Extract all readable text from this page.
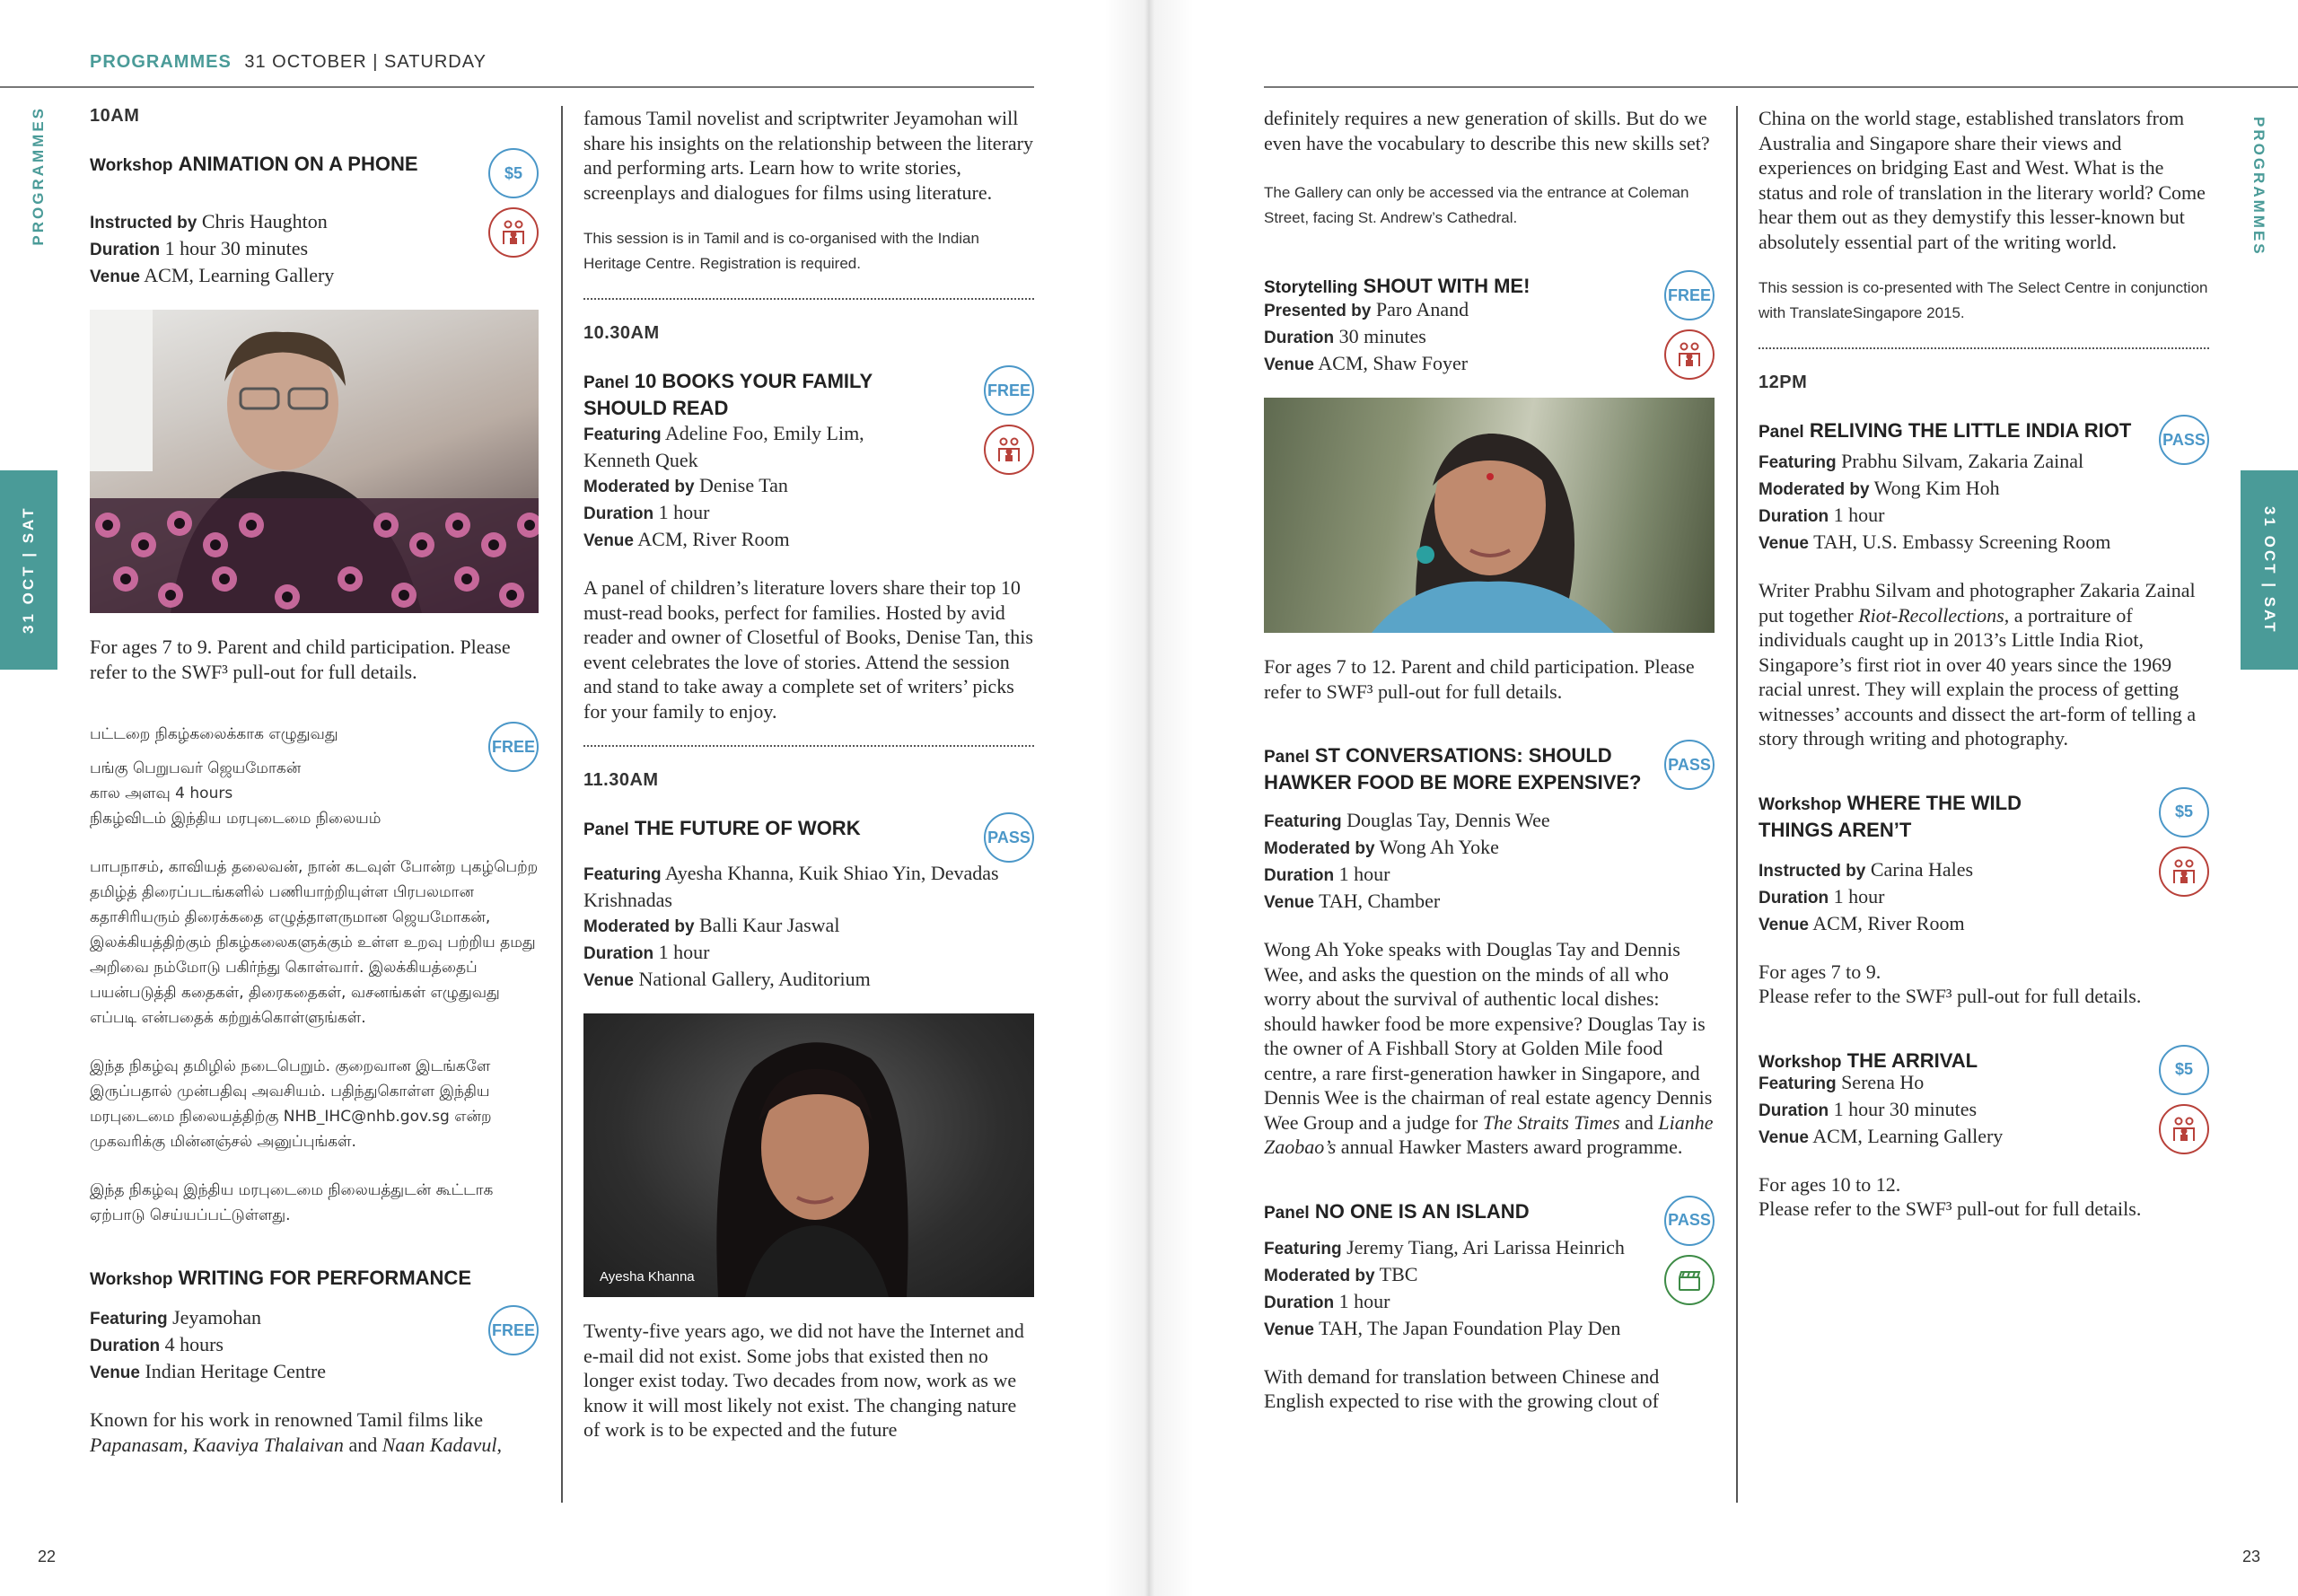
PROGRAMMES 31 OCTOBER | SATURDAY
PROGRAMMES
31 OCT | SAT
10AM
Workshop ANIMATION ON A PHONE	$5
Instructed by Chris Haughton
Duration 1 hour 30 minutes
Venue ACM, Learning Gallery
For ages 7 to 9. Parent and child participation. Please refer to the SWF³ pull-out for full details.
பட்டறை நிகழ்கலைக்காக எழுதுவது
FREE
பங்கு பெறுபவர் ஜெயமோகன்
கால அளவு 4 hours
நிகழ்விடம் இந்திய மரபுடைமை நிலையம்
பாபநாசம், காவியத் தலைவன், நான் கடவுள் போன்ற புகழ்பெற்ற தமிழ்த் திரைப்படங்களில் பணியாற்றியுள்ள பிரபலமான கதாசிரியரும் திரைக்கதை எழுத்தாளருமான ஜெயமோகன், இலக்கியத்திற்கும் நிகழ்கலைகளுக்கும் உள்ள உறவு பற்றிய தமது அறிவை நம்மோடு பகிர்ந்து கொள்வார். இலக்கியத்தைப் பயன்படுத்தி கதைகள், திரைகதைகள், வசனங்கள் எழுதுவது எப்படி என்பதைக் கற்றுக்கொள்ளுங்கள்.
இந்த நிகழ்வு தமிழில் நடைபெறும். குறைவான இடங்களே இருப்பதால் முன்பதிவு அவசியம். பதிந்துகொள்ள இந்திய மரபுடைமை நிலையத்திற்கு NHB_IHC@nhb.gov.sg என்ற முகவரிக்கு மின்னஞ்சல் அனுப்புங்கள்.
இந்த நிகழ்வு இந்திய மரபுடைமை நிலையத்துடன் கூட்டாக ஏற்பாடு செய்யப்பட்டுள்ளது.
Workshop WRITING FOR PERFORMANCE
Featuring Jeyamohan
Duration 4 hours
Venue Indian Heritage Centre
FREE
Known for his work in renowned Tamil films like Papanasam, Kaaviya Thalaivan and Naan Kadavul,
famous Tamil novelist and scriptwriter Jeyamohan will share his insights on the relationship between the literary and performing arts. Learn how to write stories, screenplays and dialogues for films using literature.
This session is in Tamil and is co-organised with the Indian Heritage Centre. Registration is required.
10.30AM
Panel 10 BOOKS YOUR FAMILY SHOULD READ
FREE
Featuring Adeline Foo, Emily Lim, Kenneth Quek
Moderated by Denise Tan
Duration 1 hour
Venue ACM, River Room
A panel of children’s literature lovers share their top 10 must-read books, perfect for families. Hosted by avid reader and owner of Closetful of Books, Denise Tan, this event celebrates the love of stories. Attend the session and stand to take away a complete set of writers’ picks for your family to enjoy.
11.30AM
Panel THE FUTURE OF WORK	PASS
Featuring Ayesha Khanna, Kuik Shiao Yin, Devadas Krishnadas
Moderated by Balli Kaur Jaswal
Duration 1 hour
Venue National Gallery, Auditorium
Ayesha Khanna
Twenty-five years ago, we did not have the Internet and e-mail did not exist. Some jobs that existed then no longer exist today. Two decades from now, work as we know it will most likely not exist. The changing nature of work is to be expected and the future
22
PROGRAMMES
31 OCT | SAT
definitely requires a new generation of skills. But do we even have the vocabulary to describe this new skills set?
The Gallery can only be accessed via the entrance at Coleman Street, facing St. Andrew’s Cathedral.
Storytelling SHOUT WITH ME!	FREE
Presented by Paro Anand
Duration 30 minutes
Venue ACM, Shaw Foyer
For ages 7 to 12. Parent and child participation. Please refer to SWF³ pull-out for full details.
Panel ST CONVERSATIONS: SHOULD HAWKER FOOD BE MORE EXPENSIVE?
PASS
Featuring Douglas Tay, Dennis Wee
Moderated by Wong Ah Yoke
Duration 1 hour
Venue TAH, Chamber
Wong Ah Yoke speaks with Douglas Tay and Dennis Wee, and asks the question on the minds of all who worry about the survival of authentic local dishes: should hawker food be more expensive? Douglas Tay is the owner of A Fishball Story at Golden Mile food centre, a rare first-generation hawker in Singapore, and Dennis Wee is the chairman of real estate agency Dennis Wee Group and a judge for The Straits Times and Lianhe Zaobao’s annual Hawker Masters award programme.
Panel NO ONE IS AN ISLAND	PASS
Featuring Jeremy Tiang, Ari Larissa Heinrich
Moderated by TBC
Duration 1 hour
Venue TAH, The Japan Foundation Play Den
With demand for translation between Chinese and English expected to rise with the growing clout of
China on the world stage, established translators from Australia and Singapore share their views and experiences on bridging East and West. What is the status and role of translation in the literary world? Come hear them out as they demystify this lesser-known but absolutely essential part of the writing world.
This session is co-presented with The Select Centre in conjunction with TranslateSingapore 2015.
12PM
Panel RELIVING THE LITTLE INDIA RIOT PASS
Featuring Prabhu Silvam, Zakaria Zainal
Moderated by Wong Kim Hoh
Duration 1 hour
Venue TAH, U.S. Embassy Screening Room
Writer Prabhu Silvam and photographer Zakaria Zainal put together Riot-Recollections, a portraiture of individuals caught up in 2013’s Little India Riot, Singapore’s first riot in over 40 years since the 1969 racial unrest. They will explain the process of getting witnesses’ accounts and dissect the art-form of telling a story through writing and photography.
Workshop WHERE THE WILD THINGS AREN’T
$5
Instructed by Carina Hales
Duration 1 hour
Venue ACM, River Room
For ages 7 to 9.
Please refer to the SWF³ pull-out for full details.
Workshop THE ARRIVAL	$5
Featuring Serena Ho
Duration 1 hour 30 minutes
Venue ACM, Learning Gallery
For ages 10 to 12.
Please refer to the SWF³ pull-out for full details.
23
